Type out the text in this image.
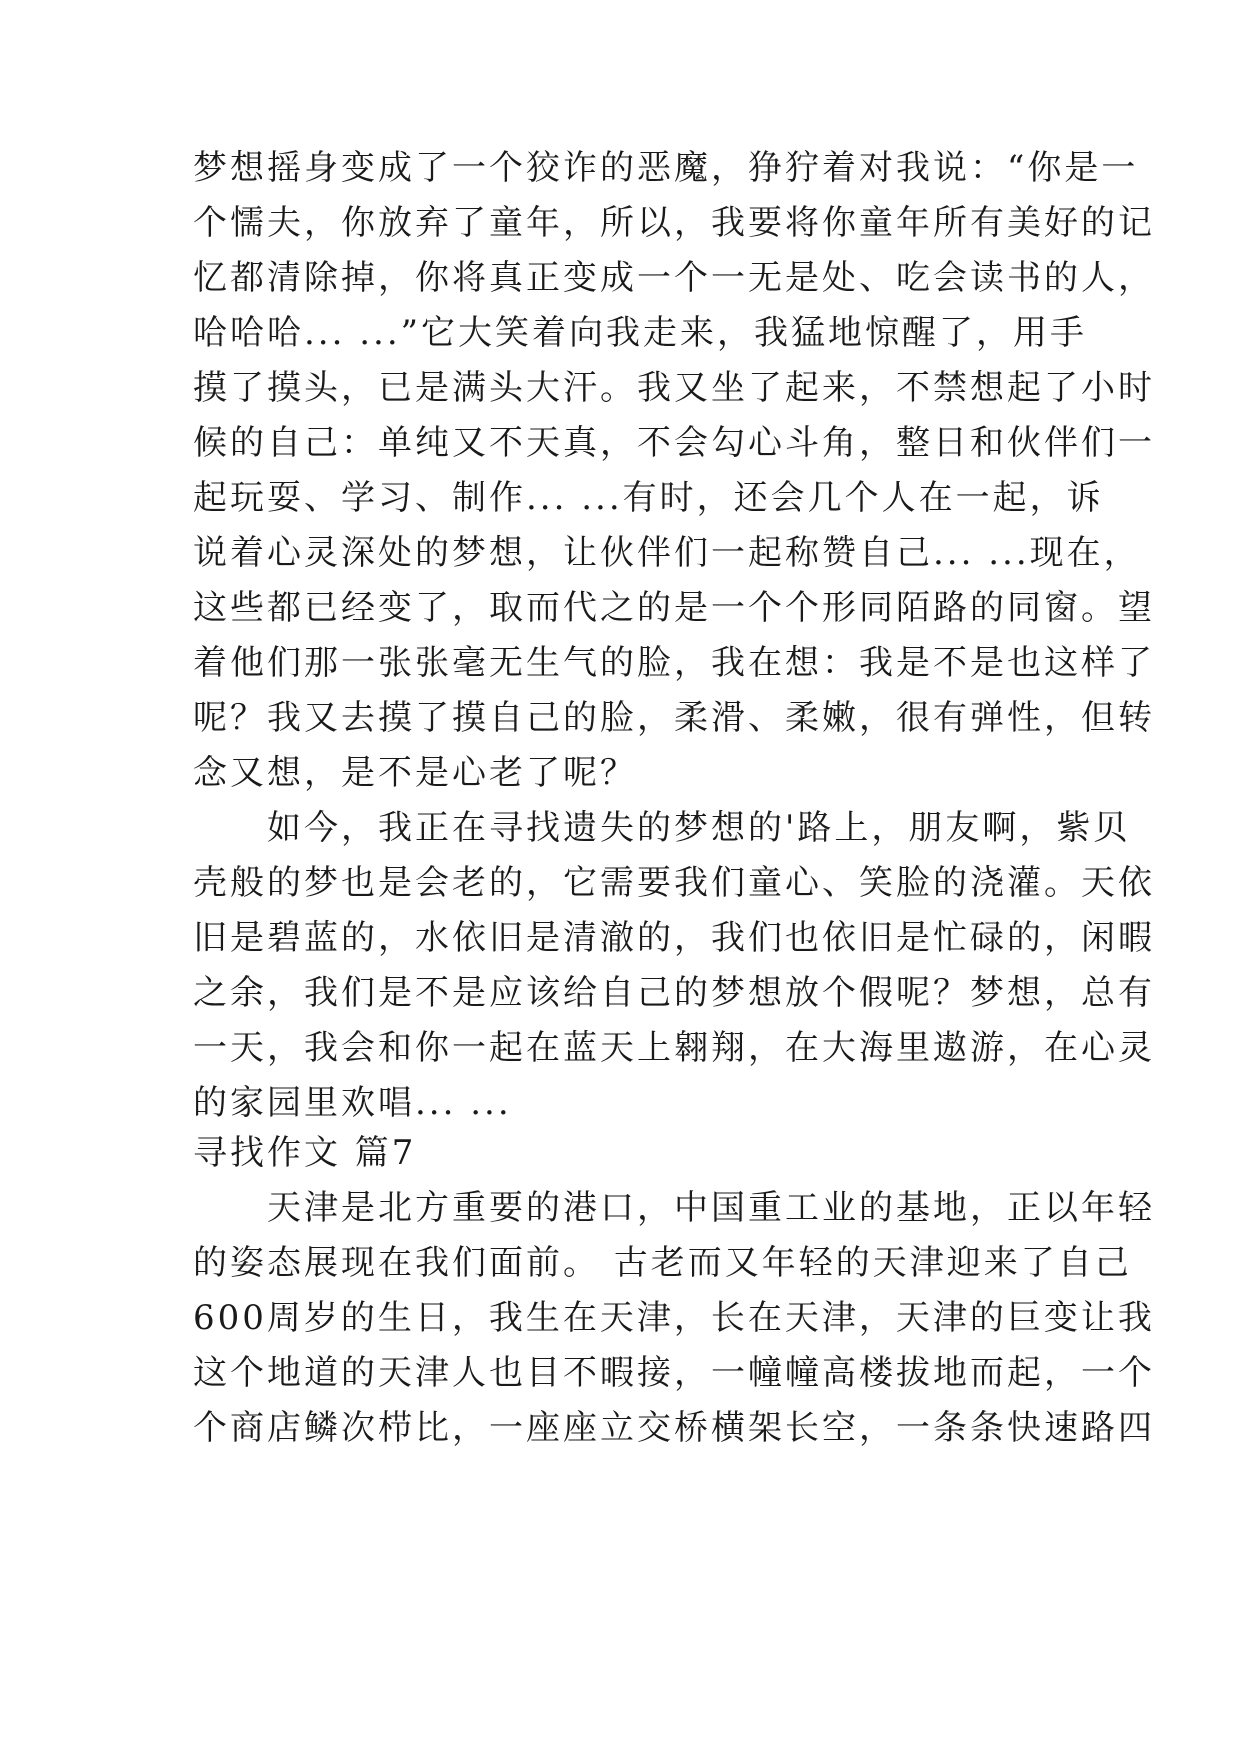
梦想摇身变成了一个狡诈的恶魔，狰狞着对我说：“你是一
个懦夫，你放弃了童年，所以，我要将你童年所有美好的记
忆都清除掉，你将真正变成一个一无是处、吃会读书的人，
哈哈哈... ...”它大笑着向我走来，我猛地惊醒了，用手
摸了摸头，已是满头大汗。我又坐了起来，不禁想起了小时
候的自己：单纯又不天真，不会勾心斗角，整日和伙伴们一
起玩耍、学习、制作... ...有时，还会几个人在一起，诉
说着心灵深处的梦想，让伙伴们一起称赞自己... ...现在，
这些都已经变了，取而代之的是一个个形同陌路的同窗。望
着他们那一张张毫无生气的脸，我在想：我是不是也这样了
呢？我又去摸了摸自己的脸，柔滑、柔嫩，很有弹性，但转
念又想，是不是心老了呢？
　　如今，我正在寻找遗失的梦想的'路上，朋友啊，紫贝
壳般的梦也是会老的，它需要我们童心、笑脸的浇灌。天依
旧是碧蓝的，水依旧是清澈的，我们也依旧是忙碌的，闲暇
之余，我们是不是应该给自己的梦想放个假呢？梦想，总有
一天，我会和你一起在蓝天上翱翔，在大海里遨游，在心灵
的家园里欢唱... ...
寻找作文 篇7
　　天津是北方重要的港口，中国重工业的基地，正以年轻
的姿态展现在我们面前。 古老而又年轻的天津迎来了自己
600周岁的生日，我生在天津，长在天津，天津的巨变让我
这个地道的天津人也目不暇接，一幢幢高楼拔地而起，一个
个商店鳞次栉比，一座座立交桥横架长空，一条条快速路四
